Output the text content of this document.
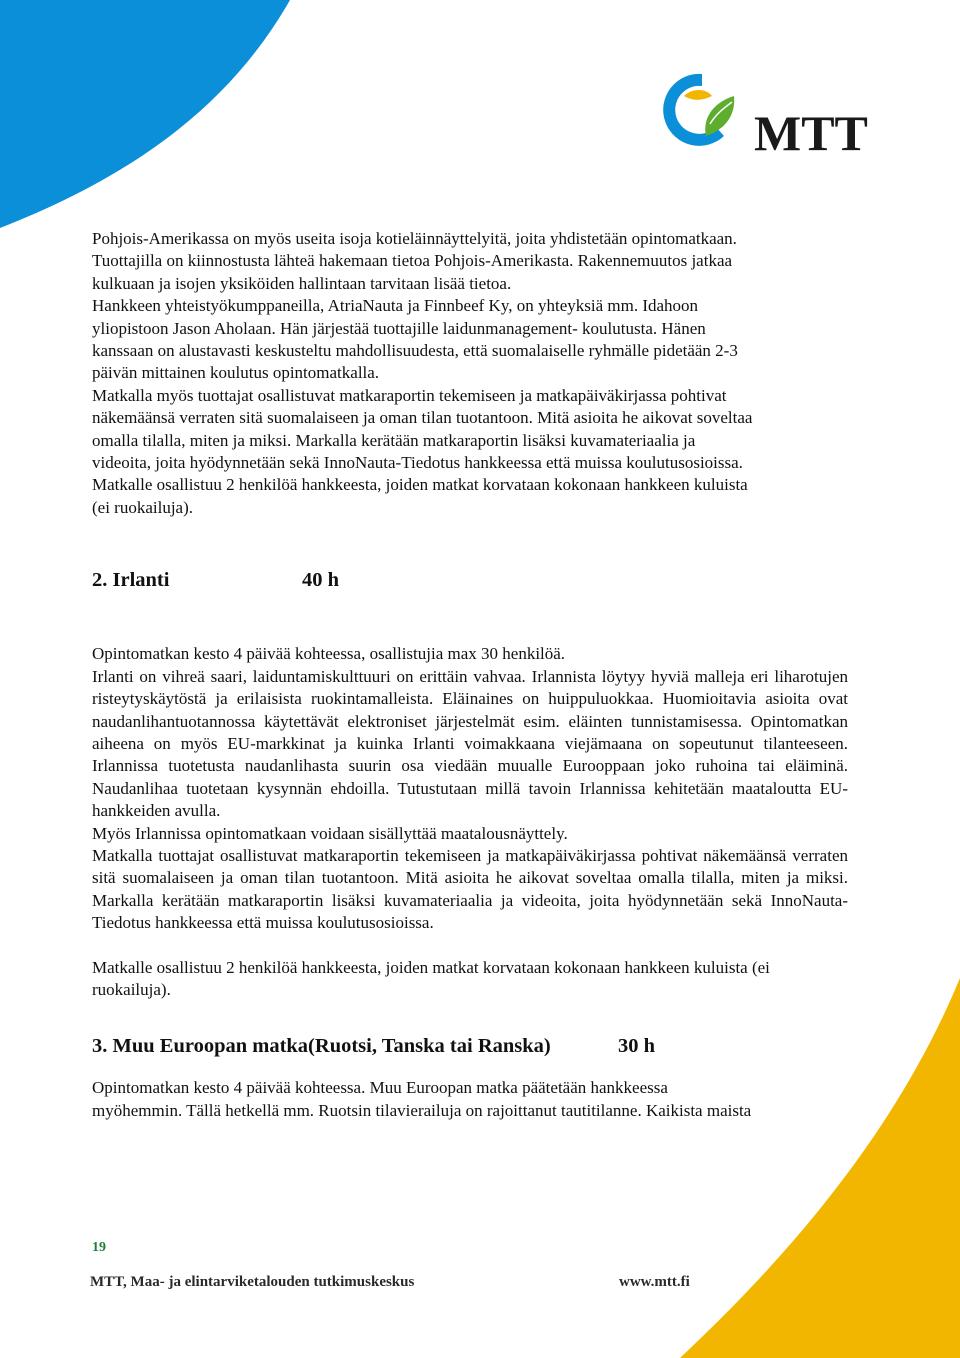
MTT
Pohjois-Amerikassa on myös useita isoja kotieläinnäyttelyitä, joita yhdistetään opintomatkaan.
Tuottajilla on kiinnostusta lähteä hakemaan tietoa Pohjois-Amerikasta. Rakennemuutos jatkaa
kulkuaan ja isojen yksiköiden hallintaan tarvitaan lisää tietoa.
Hankkeen yhteistyökumppaneilla, AtriaNauta ja Finnbeef Ky, on yhteyksiä mm. Idahoon
yliopistoon Jason Aholaan. Hän järjestää tuottajille laidunmanagement- koulutusta. Hänen
kanssaan on alustavasti keskusteltu mahdollisuudesta, että suomalaiselle ryhmälle pidetään 2-3
päivän mittainen koulutus opintomatkalla.
Matkalla myös tuottajat osallistuvat matkaraportin tekemiseen ja matkapäiväkirjassa pohtivat
näkemäänsä verraten sitä suomalaiseen ja oman tilan tuotantoon. Mitä asioita he aikovat soveltaa
omalla tilalla, miten ja miksi. Markalla kerätään matkaraportin lisäksi kuvamateriaalia ja
videoita, joita hyödynnetään sekä InnoNauta-Tiedotus hankkeessa että muissa koulutusosioissa.
Matkalle osallistuu 2 henkilöä hankkeesta, joiden matkat korvataan kokonaan hankkeen kuluista
(ei ruokailuja).
2. Irlanti	40 h
Opintomatkan kesto 4 päivää kohteessa, osallistujia max 30 henkilöä.
Irlanti on vihreä saari, laiduntamiskulttuuri on erittäin vahvaa. Irlannista löytyy hyviä malleja eri liharotujen risteytyskäytöstä ja erilaisista ruokintamalleista. Eläinaines on huippuluokkaa. Huomioitavia asioita ovat naudanlihantuotannossa käytettävät elektroniset järjestelmät esim. eläinten tunnistamisessa. Opintomatkan aiheena on myös EU-markkinat ja kuinka Irlanti voimakkaana viejämaana on sopeutunut tilanteeseen. Irlannissa tuotetusta naudanlihasta suurin osa viedään muualle Eurooppaan joko ruhoina tai eläiminä. Naudanlihaa tuotetaan kysynnän ehdoilla. Tutustutaan millä tavoin Irlannissa kehitetään maataloutta EU-hankkeiden avulla.
Myös Irlannissa opintomatkaan voidaan sisällyttää maatalousnäyttely.
Matkalla tuottajat osallistuvat matkaraportin tekemiseen ja matkapäiväkirjassa pohtivat näkemäänsä verraten sitä suomalaiseen ja oman tilan tuotantoon. Mitä asioita he aikovat soveltaa omalla tilalla, miten ja miksi. Markalla kerätään matkaraportin lisäksi kuvamateriaalia ja videoita, joita hyödynnetään sekä InnoNauta-Tiedotus hankkeessa että muissa koulutusosioissa.
Matkalle osallistuu 2 henkilöä hankkeesta, joiden matkat korvataan kokonaan hankkeen kuluista (ei ruokailuja).
3. Muu Euroopan matka(Ruotsi, Tanska tai Ranska)	30 h
Opintomatkan kesto 4 päivää kohteessa. Muu Euroopan matka päätetään hankkeessa
myöhemmin. Tällä hetkellä mm. Ruotsin tilavierailuja on rajoittanut tautitilanne. Kaikista maista
19
MTT, Maa- ja elintarviketalouden tutkimuskeskus	www.mtt.fi
